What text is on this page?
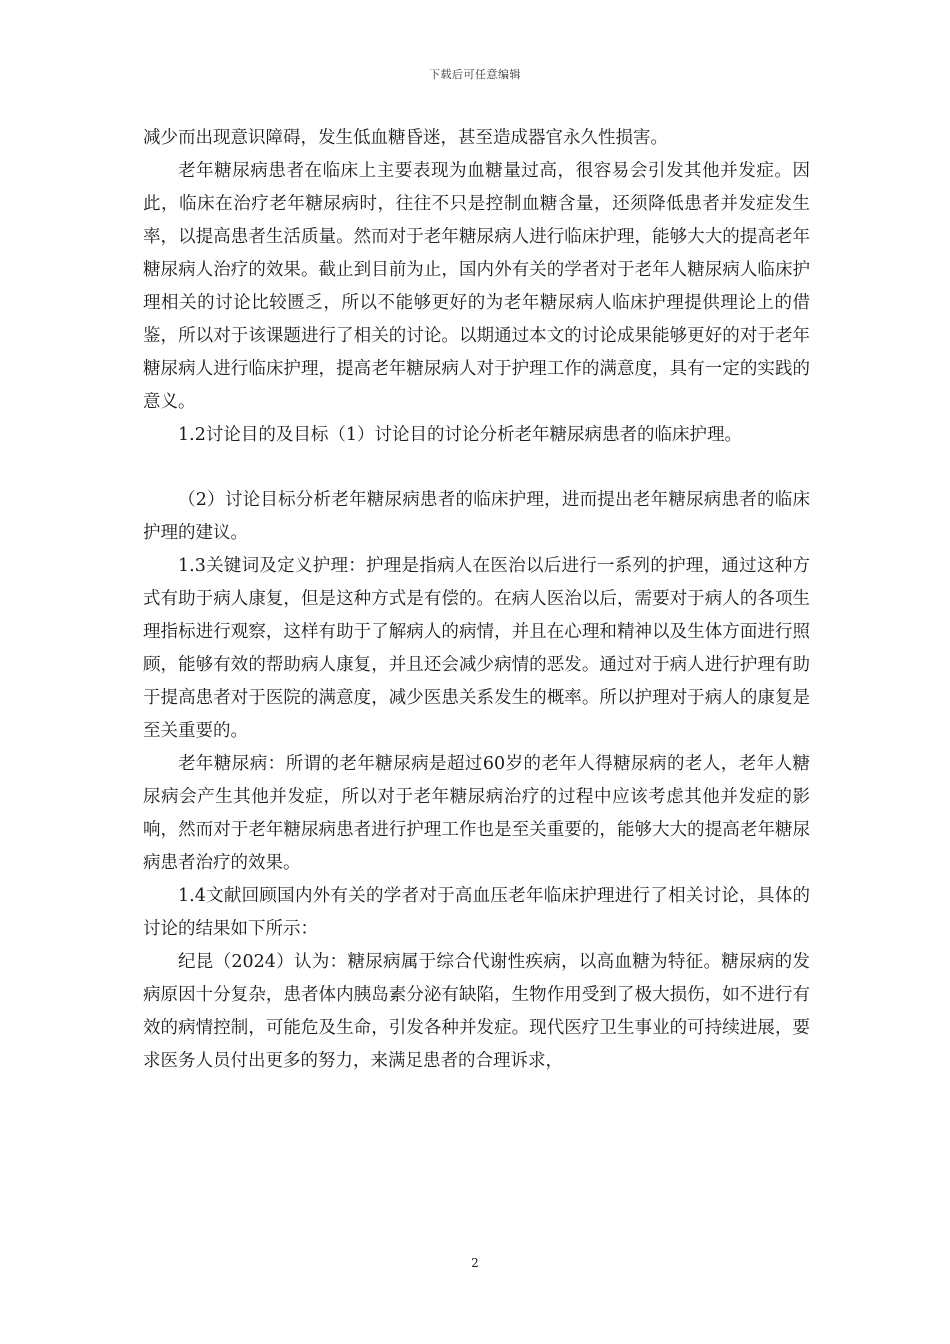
下载后可任意编辑

减少而出现意识障碍，发生低血糖昏迷，甚至造成器官永久性损害。

老年糖尿病患者在临床上主要表现为血糖量过高，很容易会引发其他并发症。因此，临床在治疗老年糖尿病时，往往不只是控制血糖含量，还须降低患者并发症发生率，以提高患者生活质量。然而对于老年糖尿病人进行临床护理，能够大大的提高老年糖尿病人治疗的效果。截止到目前为止，国内外有关的学者对于老年人糖尿病人临床护理相关的讨论比较匮乏，所以不能够更好的为老年糖尿病人临床护理提供理论上的借鉴，所以对于该课题进行了相关的讨论。以期通过本文的讨论成果能够更好的对于老年糖尿病人进行临床护理，提高老年糖尿病人对于护理工作的满意度，具有一定的实践的意义。

1.2讨论目的及目标（1）讨论目的讨论分析老年糖尿病患者的临床护理。

（2）讨论目标分析老年糖尿病患者的临床护理，进而提出老年糖尿病患者的临床护理的建议。

1.3关键词及定义护理：护理是指病人在医治以后进行一系列的护理，通过这种方式有助于病人康复，但是这种方式是有偿的。在病人医治以后，需要对于病人的各项生理指标进行观察，这样有助于了解病人的病情，并且在心理和精神以及生体方面进行照顾，能够有效的帮助病人康复，并且还会减少病情的恶发。通过对于病人进行护理有助于提高患者对于医院的满意度，减少医患关系发生的概率。所以护理对于病人的康复是至关重要的。

老年糖尿病：所谓的老年糖尿病是超过60岁的老年人得糖尿病的老人，老年人糖尿病会产生其他并发症，所以对于老年糖尿病治疗的过程中应该考虑其他并发症的影响，然而对于老年糖尿病患者进行护理工作也是至关重要的，能够大大的提高老年糖尿病患者治疗的效果。

1.4文献回顾国内外有关的学者对于高血压老年临床护理进行了相关讨论，具体的讨论的结果如下所示：

纪昆（2024）认为：糖尿病属于综合代谢性疾病，以高血糖为特征。糖尿病的发病原因十分复杂，患者体内胰岛素分泌有缺陷，生物作用受到了极大损伤，如不进行有效的病情控制，可能危及生命，引发各种并发症。现代医疗卫生事业的可持续进展，要求医务人员付出更多的努力，来满足患者的合理诉求，

2
